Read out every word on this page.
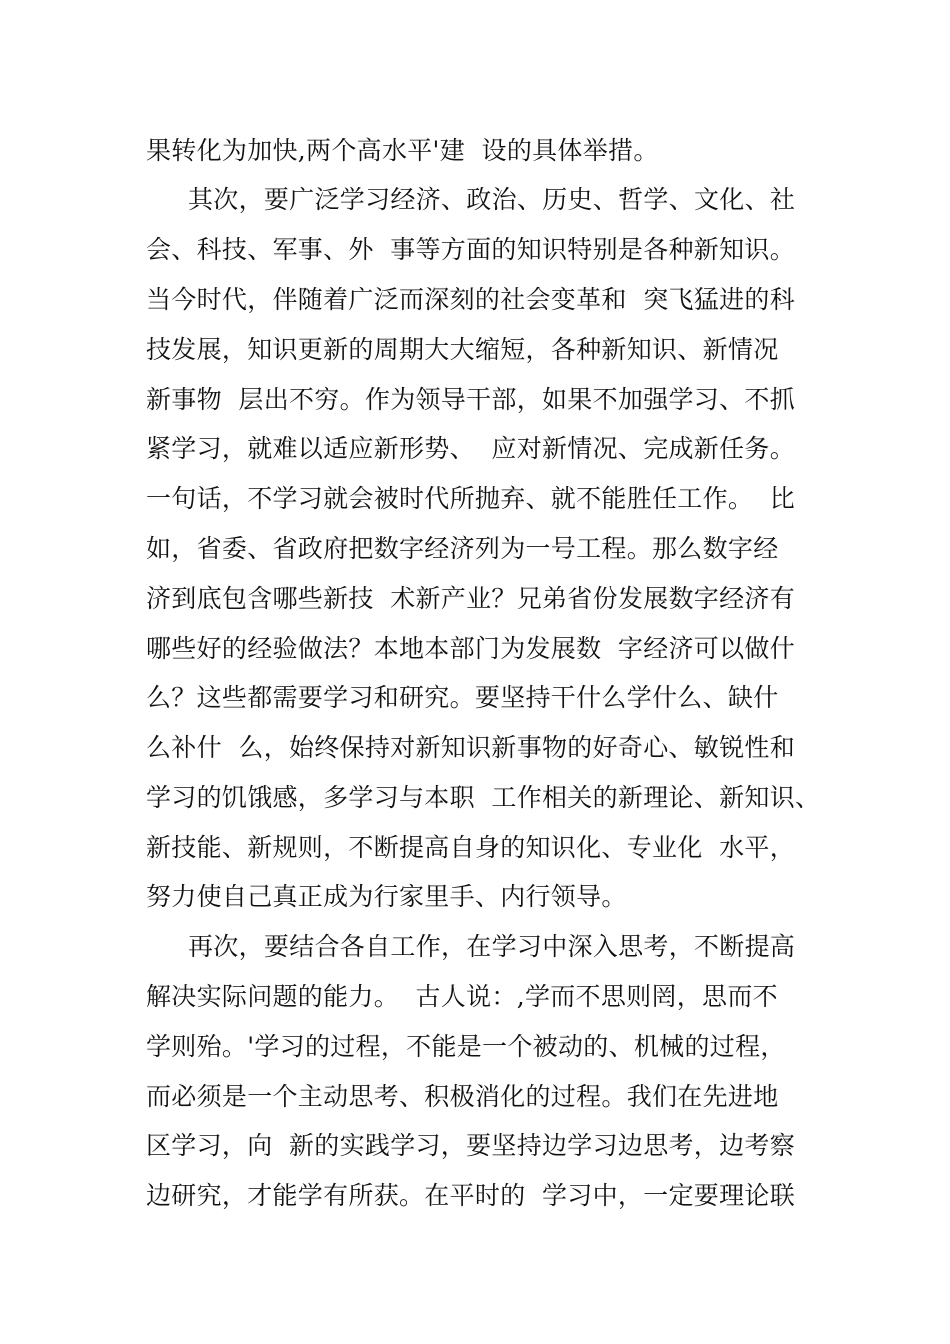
果转化为加快,两个高水平'建  设的具体举措。
其次，要广泛学习经济、政治、历史、哲学、文化、社
会、科技、军事、外  事等方面的知识特别是各种新知识。
当今时代，伴随着广泛而深刻的社会变革和  突飞猛进的科
技发展，知识更新的周期大大缩短，各种新知识、新情况
新事物  层出不穷。作为领导干部，如果不加强学习、不抓
紧学习，就难以适应新形势、  应对新情况、完成新任务。
一句话，不学习就会被时代所抛弃、就不能胜任工作。  比
如，省委、省政府把数字经济列为一号工程。那么数字经
济到底包含哪些新技  术新产业？兄弟省份发展数字经济有
哪些好的经验做法？本地本部门为发展数  字经济可以做什
么？这些都需要学习和研究。要坚持干什么学什么、缺什
么补什  么，始终保持对新知识新事物的好奇心、敏锐性和
学习的饥饿感，多学习与本职  工作相关的新理论、新知识、
新技能、新规则，不断提高自身的知识化、专业化  水平，
努力使自己真正成为行家里手、内行领导。
再次，要结合各自工作，在学习中深入思考，不断提高
解决实际问题的能力。  古人说：,学而不思则罔，思而不
学则殆。'学习的过程，不能是一个被动的、机械的过程，
而必须是一个主动思考、积极消化的过程。我们在先进地
区学习，向  新的实践学习，要坚持边学习边思考，边考察
边研究，才能学有所获。在平时的  学习中，一定要理论联
